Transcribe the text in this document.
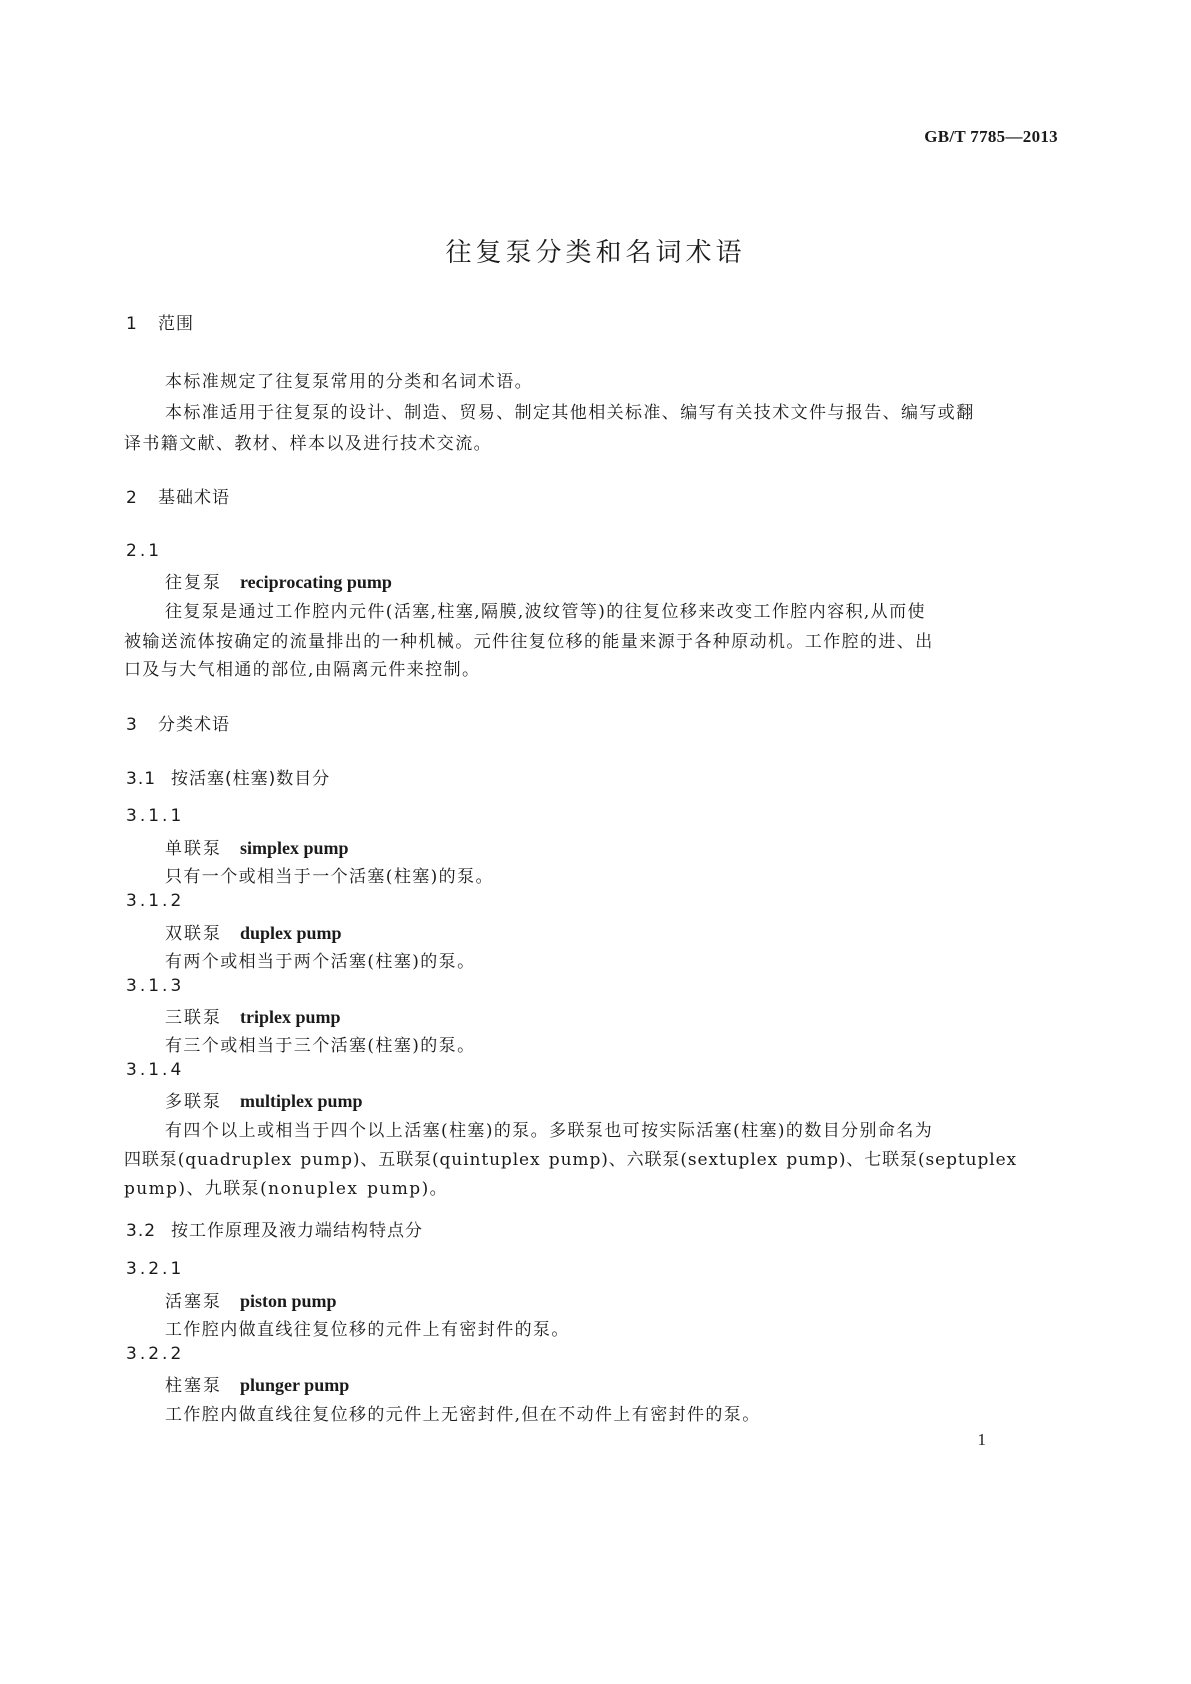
GB/T 7785—2013
往复泵分类和名词术语
1 范围
本标准规定了往复泵常用的分类和名词术语。
本标准适用于往复泵的设计、制造、贸易、制定其他相关标准、编写有关技术文件与报告、编写或翻
译书籍文献、教材、样本以及进行技术交流。
2 基础术语
2.1
往复泵 reciprocating pump
往复泵是通过工作腔内元件(活塞,柱塞,隔膜,波纹管等)的往复位移来改变工作腔内容积,从而使
被输送流体按确定的流量排出的一种机械。元件往复位移的能量来源于各种原动机。工作腔的进、出
口及与大气相通的部位,由隔离元件来控制。
3 分类术语
3.1 按活塞(柱塞)数目分
3.1.1
单联泵 simplex pump
只有一个或相当于一个活塞(柱塞)的泵。
3.1.2
双联泵 duplex pump
有两个或相当于两个活塞(柱塞)的泵。
3.1.3
三联泵 triplex pump
有三个或相当于三个活塞(柱塞)的泵。
3.1.4
多联泵 multiplex pump
有四个以上或相当于四个以上活塞(柱塞)的泵。多联泵也可按实际活塞(柱塞)的数目分别命名为
四联泵(quadruplex pump)、五联泵(quintuplex pump)、六联泵(sextuplex pump)、七联泵(septuplex
pump)、九联泵(nonuplex pump)。
3.2 按工作原理及液力端结构特点分
3.2.1
活塞泵 piston pump
工作腔内做直线往复位移的元件上有密封件的泵。
3.2.2
柱塞泵 plunger pump
工作腔内做直线往复位移的元件上无密封件,但在不动件上有密封件的泵。
1
